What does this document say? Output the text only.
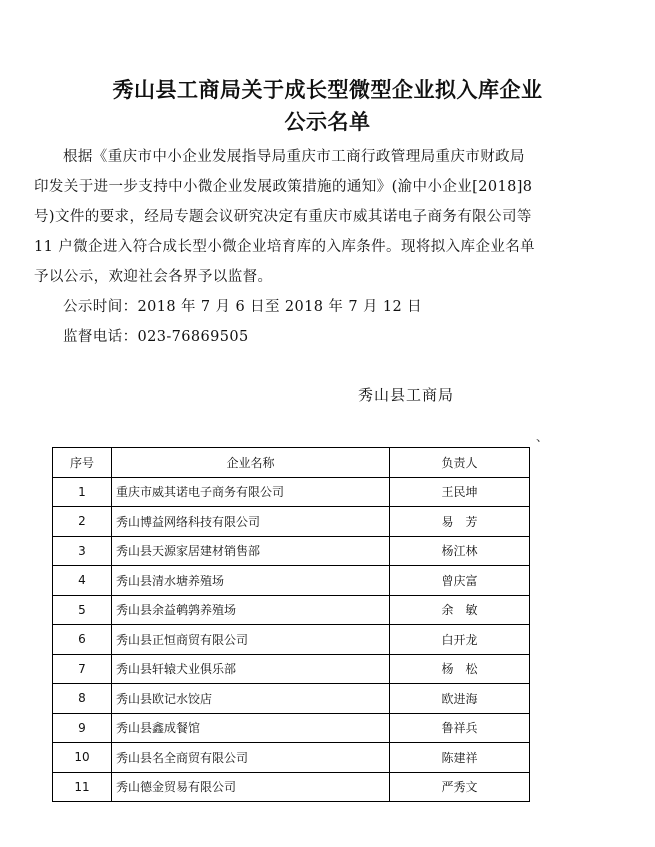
秀山县工商局关于成长型微型企业拟入库企业
公示名单

根据《重庆市中小企业发展指导局重庆市工商行政管理局重庆市财政局
印发关于进一步支持中小微企业发展政策措施的通知》(渝中小企业[2018]8
号)文件的要求，经局专题会议研究决定有重庆市威其诺电子商务有限公司等
11 户微企进入符合成长型小微企业培育库的入库条件。现将拟入库企业名单
予以公示，欢迎社会各界予以监督。

公示时间：2018 年 7 月 6 日至 2018 年 7 月 12 日

监督电话：023-76869505

秀山县工商局
、
序号	企业名称	负责人
1	重庆市威其诺电子商务有限公司	王民坤
2	秀山博益网络科技有限公司	易　芳
3	秀山县天源家居建材销售部	杨江林
4	秀山县清水塘养殖场	曾庆富
5	秀山县余益鹌鹑养殖场	余　敏
6	秀山县正恒商贸有限公司	白开龙
7	秀山县轩辕犬业俱乐部	杨　松
8	秀山县欧记水饺店	欧进海
9	秀山县鑫成餐馆	鲁祥兵
10	秀山县名全商贸有限公司	陈建祥
11	秀山德金贸易有限公司	严秀文
